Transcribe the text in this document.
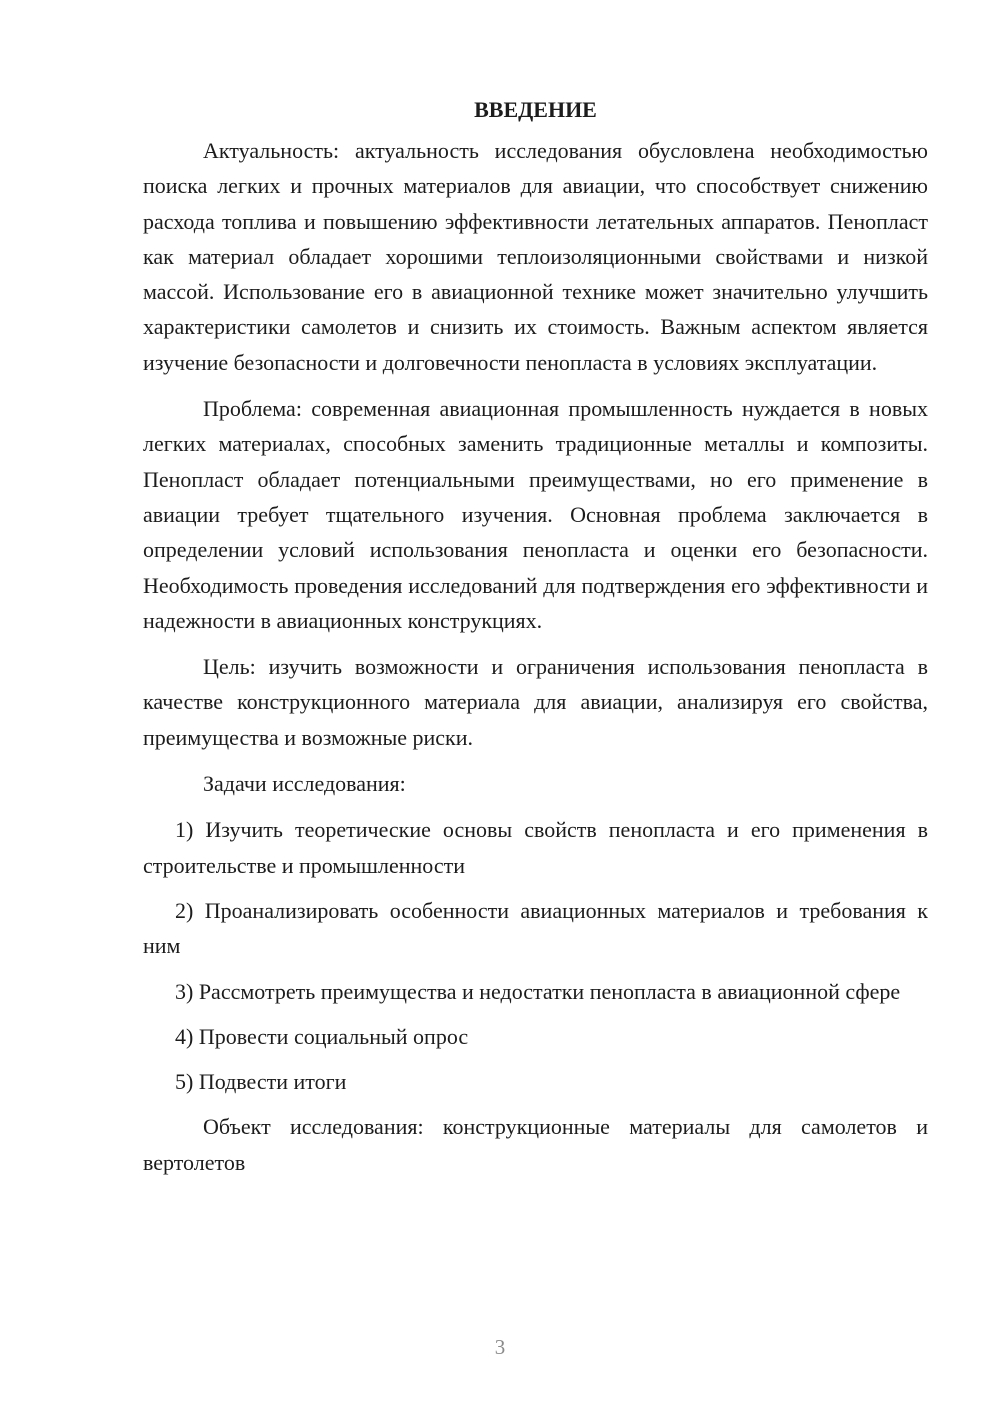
ВВЕДЕНИЕ

Актуальность: актуальность исследования обусловлена необходимостью поиска легких и прочных материалов для авиации, что способствует снижению расхода топлива и повышению эффективности летательных аппаратов. Пенопласт как материал обладает хорошими теплоизоляционными свойствами и низкой массой. Использование его в авиационной технике может значительно улучшить характеристики самолетов и снизить их стоимость. Важным аспектом является изучение безопасности и долговечности пенопласта в условиях эксплуатации.

Проблема: современная авиационная промышленность нуждается в новых легких материалах, способных заменить традиционные металлы и композиты. Пенопласт обладает потенциальными преимуществами, но его применение в авиации требует тщательного изучения. Основная проблема заключается в определении условий использования пенопласта и оценки его безопасности. Необходимость проведения исследований для подтверждения его эффективности и надежности в авиационных конструкциях.

Цель: изучить возможности и ограничения использования пенопласта в качестве конструкционного материала для авиации, анализируя его свойства, преимущества и возможные риски.

Задачи исследования:

1) Изучить теоретические основы свойств пенопласта и его применения в строительстве и промышленности

2) Проанализировать особенности авиационных материалов и требования к ним

3) Рассмотреть преимущества и недостатки пенопласта в авиационной сфере

4) Провести социальный опрос

5) Подвести итоги

Объект исследования: конструкционные материалы для самолетов и вертолетов

3
